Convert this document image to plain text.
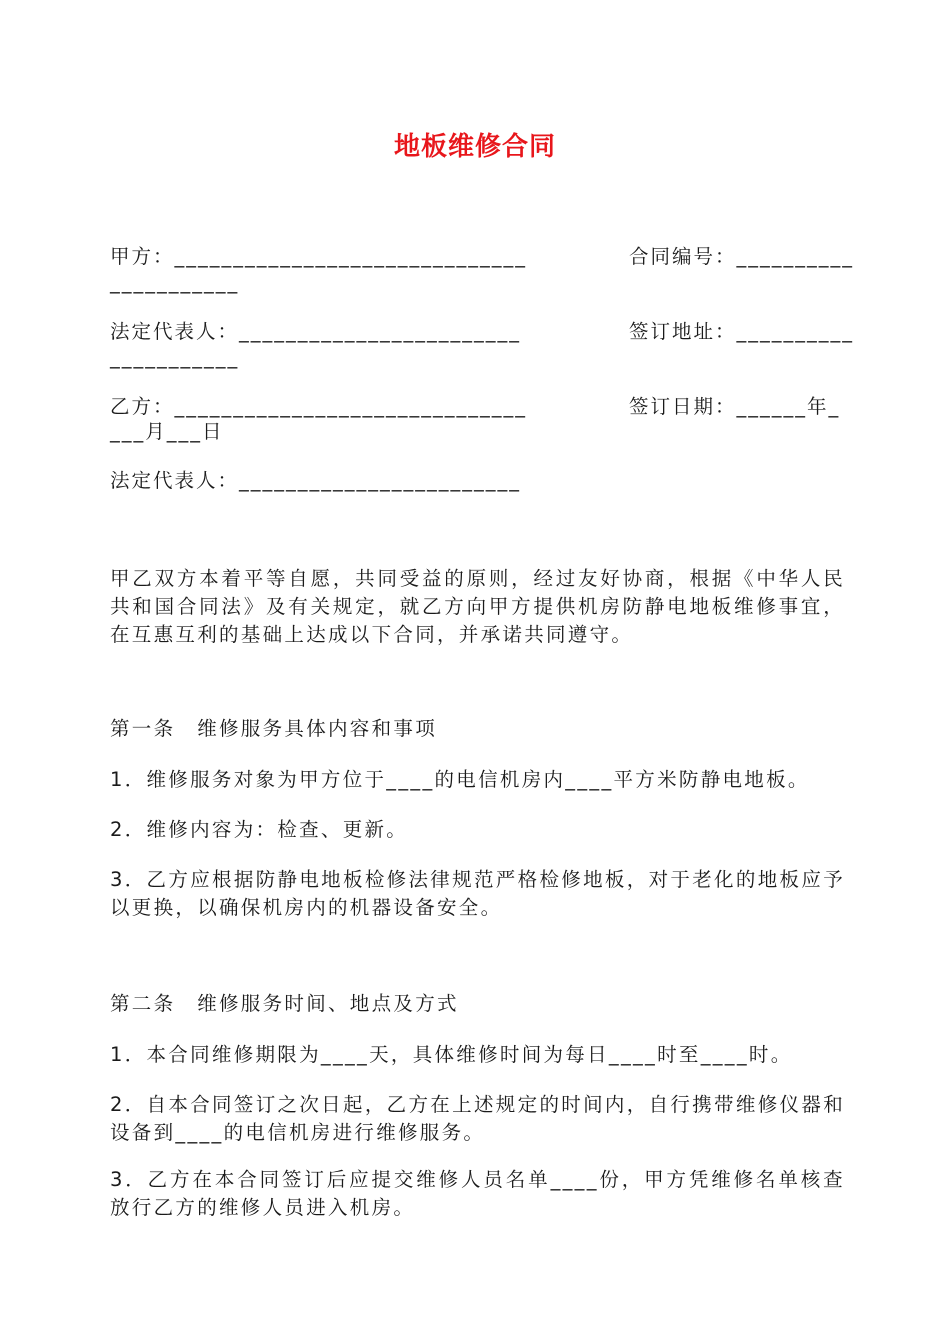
地板维修合同
甲方：______________________________	合同编号：__________
___________
法定代表人：________________________	签订地址：__________
___________
乙方：______________________________	签订日期：______年_
___月___日
法定代表人：________________________
甲乙双方本着平等自愿，共同受益的原则，经过友好协商，根据《中华人民共和国合同法》及有关规定，就乙方向甲方提供机房防静电地板维修事宜，在互惠互利的基础上达成以下合同，并承诺共同遵守。
第一条　维修服务具体内容和事项
1．维修服务对象为甲方位于____的电信机房内____平方米防静电地板。
2．维修内容为：检查、更新。
3．乙方应根据防静电地板检修法律规范严格检修地板，对于老化的地板应予以更换，以确保机房内的机器设备安全。
第二条　维修服务时间、地点及方式
1．本合同维修期限为____天，具体维修时间为每日____时至____时。
2．自本合同签订之次日起，乙方在上述规定的时间内，自行携带维修仪器和设备到____的电信机房进行维修服务。
3．乙方在本合同签订后应提交维修人员名单____份，甲方凭维修名单核查放行乙方的维修人员进入机房。
